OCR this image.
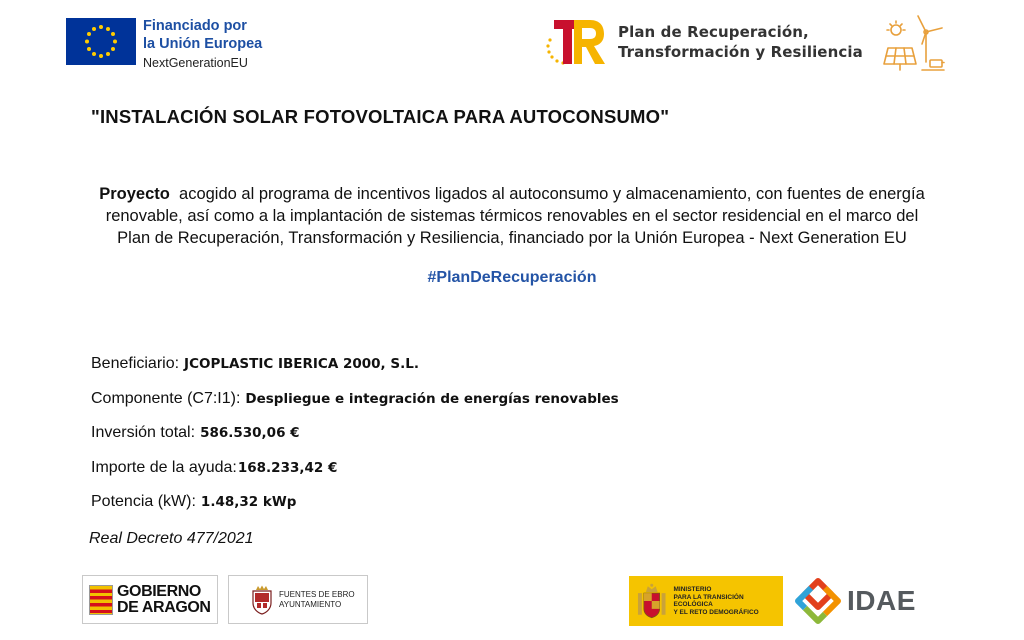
Financiado por
la Unión Europea
NextGenerationEU
Plan de Recuperación,
Transformación y Resiliencia
"INSTALACIÓN SOLAR FOTOVOLTAICA PARA AUTOCONSUMO"
Proyecto  acogido al programa de incentivos ligados al autoconsumo y almacenamiento, con fuentes de energía
renovable, así como a la implantación de sistemas térmicos renovables en el sector residencial en el marco del
Plan de Recuperación, Transformación y Resiliencia, financiado por la Unión Europea - Next Generation EU
#PlanDeRecuperación
Beneficiario: JCOPLASTIC IBERICA 2000, S.L.
Componente (C7:I1): Despliegue e integración de energías renovables
Inversión total: 586.530,06 €
Importe de la ayuda: 168.233,42 €
Potencia (kW): 1.48,32 kWp
Real Decreto 477/2021
GOBIERNO
DE ARAGON
FUENTES DE EBRO
AYUNTAMIENTO
MINISTERIO
PARA LA TRANSICIÓN ECOLÓGICA
Y EL RETO DEMOGRÁFICO	IDAE
